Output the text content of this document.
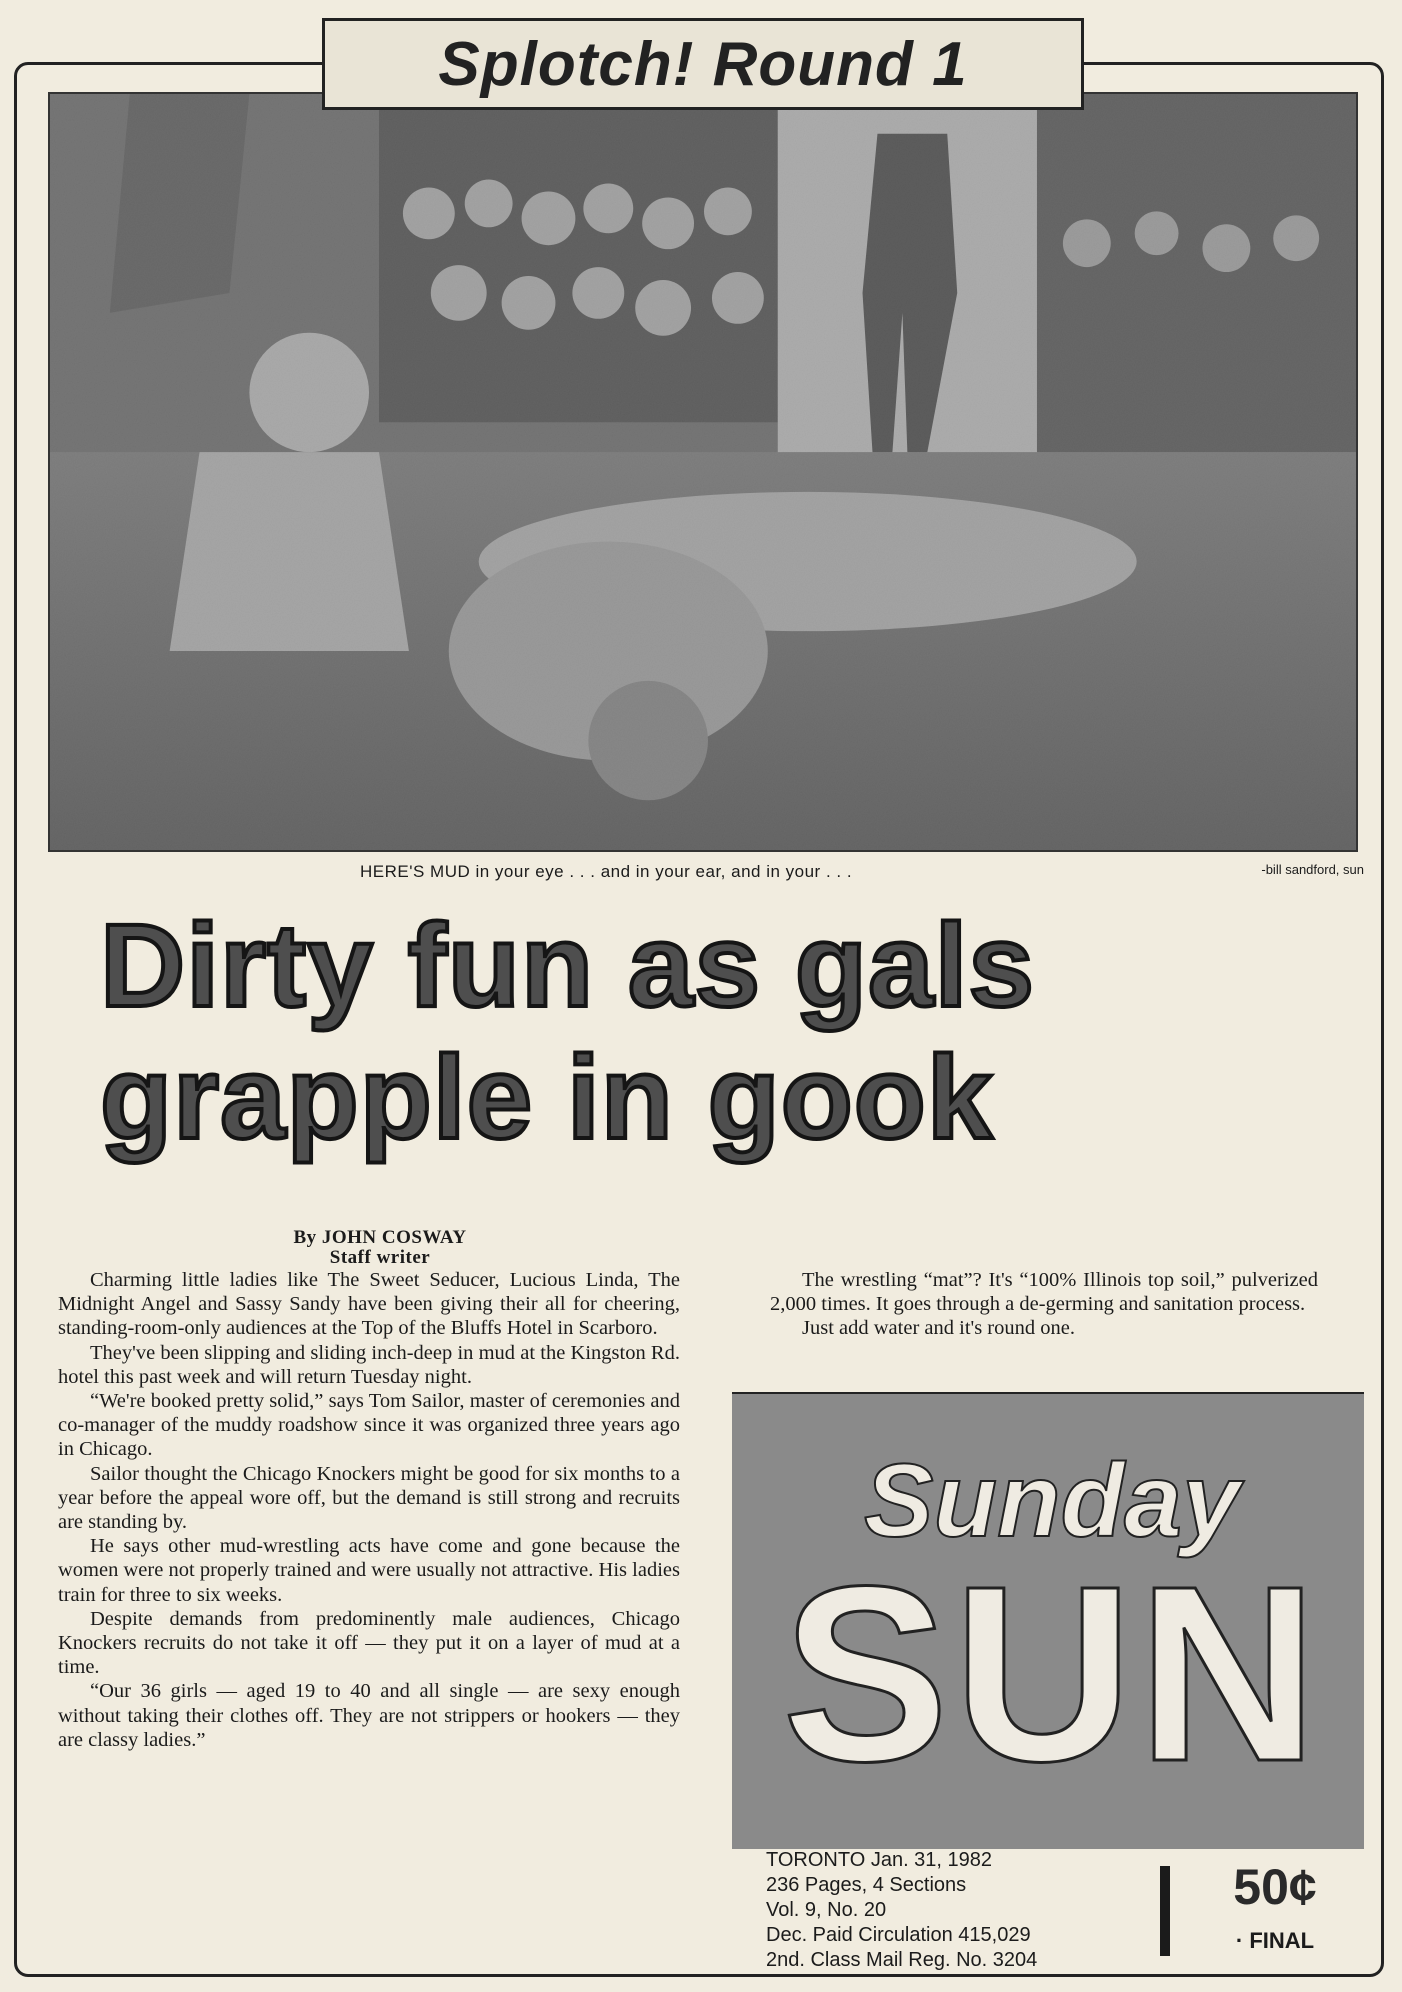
Splotch! Round 1
HERE'S MUD in your eye . . . and in your ear, and in your . . .	-bill sandford, sun
Dirty fun as gals
grapple in gook
By JOHN COSWAY
Staff writer

Charming little ladies like The Sweet Seducer, Lucious Linda, The Midnight Angel and Sassy Sandy have been giving their all for cheering, standing-room-only audiences at the Top of the Bluffs Hotel in Scarboro.

They've been slipping and sliding inch-deep in mud at the Kingston Rd. hotel this past week and will return Tuesday night.

“We're booked pretty solid,” says Tom Sailor, master of ceremonies and co-manager of the muddy roadshow since it was organized three years ago in Chicago.

Sailor thought the Chicago Knockers might be good for six months to a year before the appeal wore off, but the demand is still strong and recruits are standing by.

He says other mud-wrestling acts have come and gone because the women were not properly trained and were usually not attractive. His ladies train for three to six weeks.

Despite demands from predominently male audiences, Chicago Knockers recruits do not take it off — they put it on a layer of mud at a time.

“Our 36 girls — aged 19 to 40 and all single — are sexy enough without taking their clothes off. They are not strippers or hookers — they are classy ladies.”

The wrestling “mat”? It's “100% Illinois top soil,” pulverized 2,000 times. It goes through a de-germing and sanitation process.

Just add water and it's round one.

Sunday
SUN
TORONTO Jan. 31, 1982
236 Pages, 4 Sections
Vol. 9, No. 20
Dec. Paid Circulation 415,029
2nd. Class Mail Reg. No. 3204
50¢
· FINAL
